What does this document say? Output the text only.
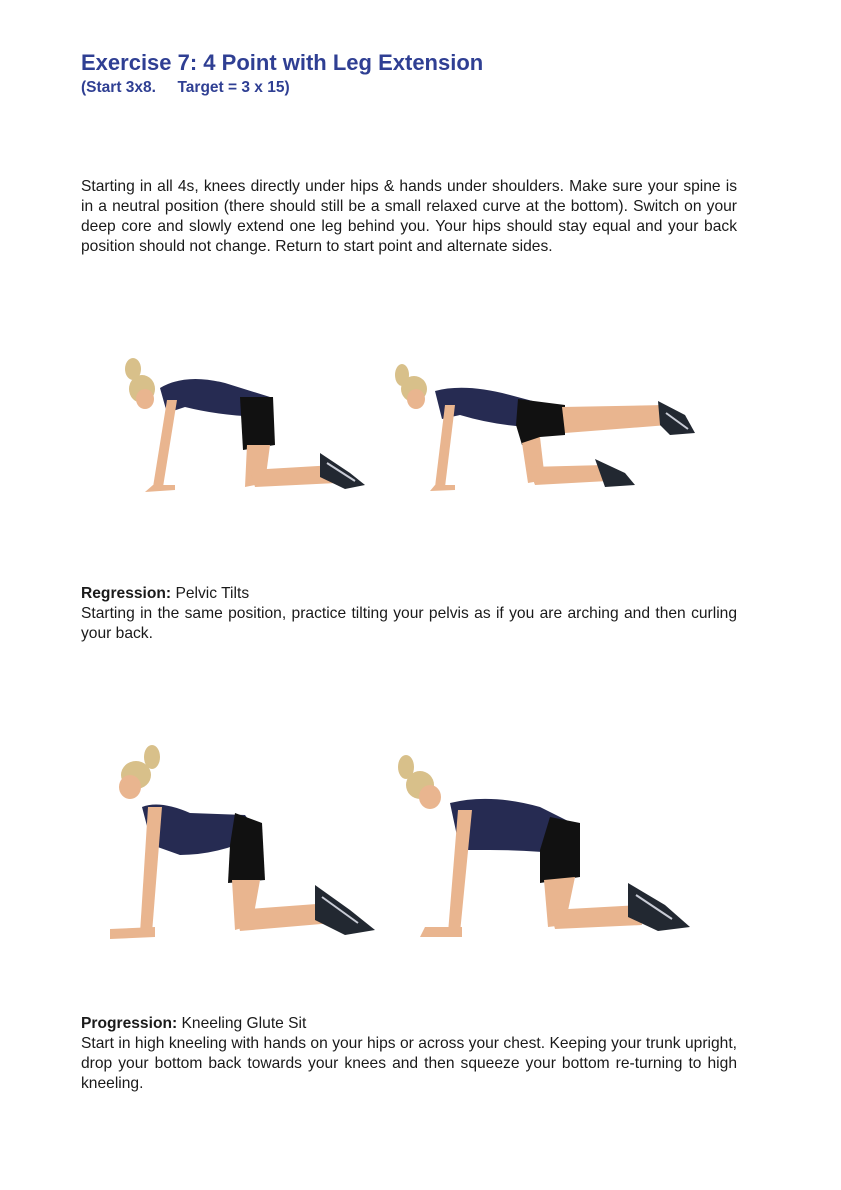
Exercise 7: 4 Point with Leg Extension
(Start 3x8.     Target = 3 x 15)

Starting in all 4s, knees directly under hips & hands under shoulders. Make sure your spine is in a neutral position (there should still be a small relaxed curve at the bottom). Switch on your deep core and slowly extend one leg behind you. Your hips should stay equal and your back position should not change. Return to start point and alternate sides.

Regression: Pelvic Tilts
Starting in the same position, practice tilting your pelvis as if you are arching and then curling your back.
Progression: Kneeling Glute Sit
Start in high kneeling with hands on your hips or across your chest. Keeping your trunk upright, drop your bottom back towards your knees and then squeeze your bottom re-turning to high kneeling.
